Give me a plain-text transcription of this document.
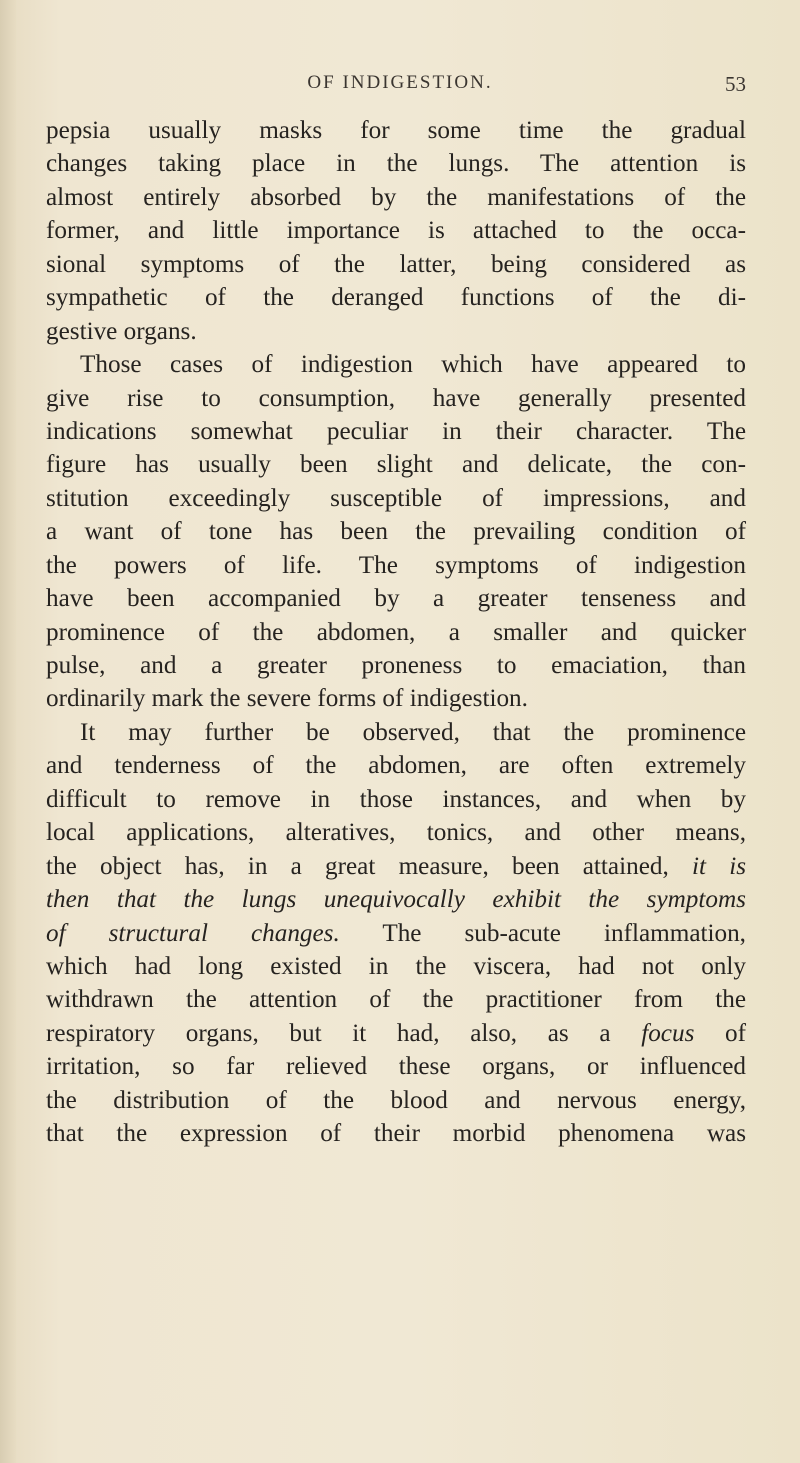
OF INDIGESTION.	53
pepsia usually masks for some time the gradual
changes taking place in the lungs. The attention is
almost entirely absorbed by the manifestations of the
former, and little importance is attached to the occa-
sional symptoms of the latter, being considered as
sympathetic of the deranged functions of the di-
gestive organs.
Those cases of indigestion which have appeared to
give rise to consumption, have generally presented
indications somewhat peculiar in their character. The
figure has usually been slight and delicate, the con-
stitution exceedingly susceptible of impressions, and
a want of tone has been the prevailing condition of
the powers of life. The symptoms of indigestion
have been accompanied by a greater tenseness and
prominence of the abdomen, a smaller and quicker
pulse, and a greater proneness to emaciation, than
ordinarily mark the severe forms of indigestion.
It may further be observed, that the prominence
and tenderness of the abdomen, are often extremely
difficult to remove in those instances, and when by
local applications, alteratives, tonics, and other means,
the object has, in a great measure, been attained, it is
then that the lungs unequivocally exhibit the symptoms
of structural changes. The sub-acute inflammation,
which had long existed in the viscera, had not only
withdrawn the attention of the practitioner from the
respiratory organs, but it had, also, as a focus of
irritation, so far relieved these organs, or influenced
the distribution of the blood and nervous energy,
that the expression of their morbid phenomena was
